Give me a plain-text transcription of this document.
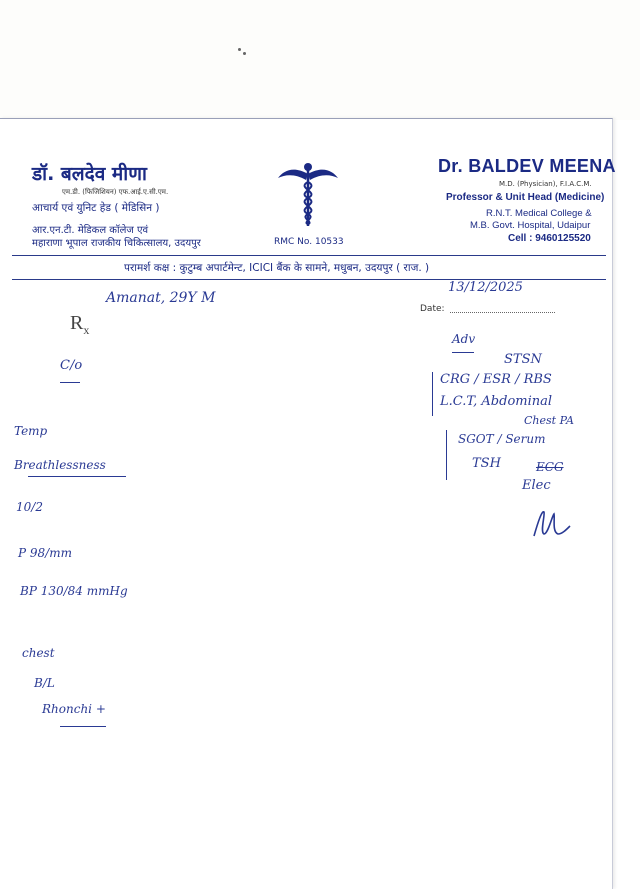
डॉ. बलदेव मीणा
एम.डी. (फिजिशियन) एफ.आई.ए.सी.एम.
आचार्य एवं युनिट हेड ( मेडिसिन )
आर.एन.टी. मेडिकल कॉलेज एवं
महाराणा भूपाल राजकीय चिकित्सालय, उदयपुर	RMC No. 10533
Dr. BALDEV MEENA
M.D. (Physician), F.I.A.C.M.
Professor & Unit Head (Medicine)
R.N.T. Medical College &
M.B. Govt. Hospital, Udaipur
Cell : 9460125520
परामर्श कक्ष : कुटुम्ब अपार्टमेन्ट, ICICI बैंक के सामने, मधुबन, उदयपुर ( राज. )
$R_x$
Date:
13/12/2025
Amanat, 29Y M
C/o
Temp
Breathlessness
10/2
P 98/mm
BP 130/84 mmHg
chest
B/L
Rhonchi +
Adv
STSN
CRG / ESR / RBS
L.C.T, Abdominal
Chest PA
SGOT / Serum
TSH
Elec
ECG
